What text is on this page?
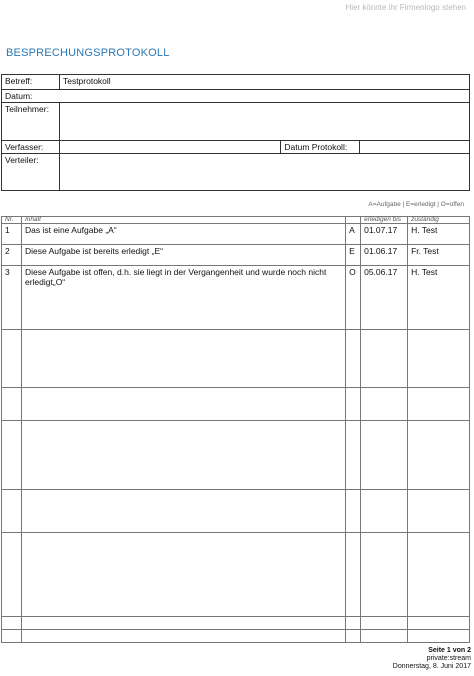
Hier könnte ihr Firmenlogo stehen
BESPRECHUNGSPROTOKOLL
Betreff:	Testprotokoll		
Datum:			
Teilnehmer:			
Verfasser:		Datum Protokoll:	
Verteiler:			
A=Aufgabe | E=erledigt | O=offen
Nr.	Inhalt		erledigen bis	zuständig
1	Das ist eine Aufgabe „A“	A	01.07.17	H. Test
2	Diese Aufgabe ist bereits erledigt „E“	E	01.06.17	Fr. Test
3	Diese Aufgabe ist offen, d.h. sie liegt in der Vergangenheit und wurde noch nicht erledigt„O“	O	05.06.17	H. Test

Seite 1 von 2
private:stream
Donnerstag, 8. Juni 2017
